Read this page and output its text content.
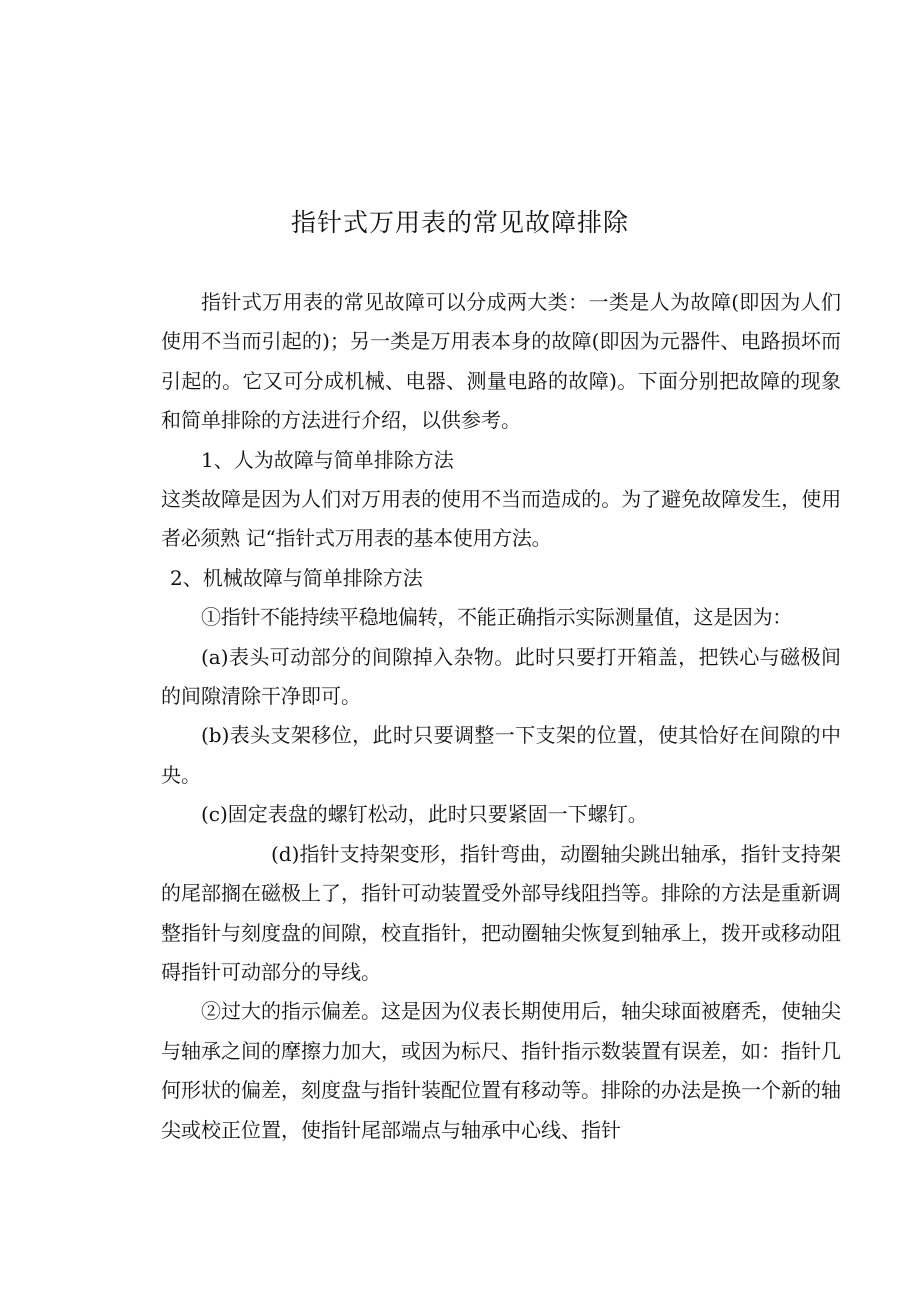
指针式万用表的常见故障排除

指针式万用表的常见故障可以分成两大类：一类是人为故障(即因为人们使用不当而引起的)；另一类是万用表本身的故障(即因为元器件、电路损坏而引起的。它又可分成机械、电器、测量电路的故障)。下面分别把故障的现象和简单排除的方法进行介绍，以供参考。

1、人为故障与简单排除方法

这类故障是因为人们对万用表的使用不当而造成的。为了避免故障发生，使用者必须熟 记“指针式万用表的基本使用方法。

2、机械故障与简单排除方法

①指针不能持续平稳地偏转，不能正确指示实际测量值，这是因为：

(a)表头可动部分的间隙掉入杂物。此时只要打开箱盖，把铁心与磁极间的间隙清除干净即可。

(b)表头支架移位，此时只要调整一下支架的位置，使其恰好在间隙的中央。

(c)固定表盘的螺钉松动，此时只要紧固一下螺钉。

(d)指针支持架变形，指针弯曲，动圈轴尖跳出轴承，指针支持架的尾部搁在磁极上了，指针可动装置受外部导线阻挡等。排除的方法是重新调整指针与刻度盘的间隙，校直指针，把动圈轴尖恢复到轴承上，拨开或移动阻碍指针可动部分的导线。

②过大的指示偏差。这是因为仪表长期使用后，轴尖球面被磨秃，使轴尖与轴承之间的摩擦力加大，或因为标尺、指针指示数装置有误差，如：指针几何形状的偏差，刻度盘与指针装配位置有移动等。排除的办法是换一个新的轴尖或校正位置，使指针尾部端点与轴承中心线、指针
